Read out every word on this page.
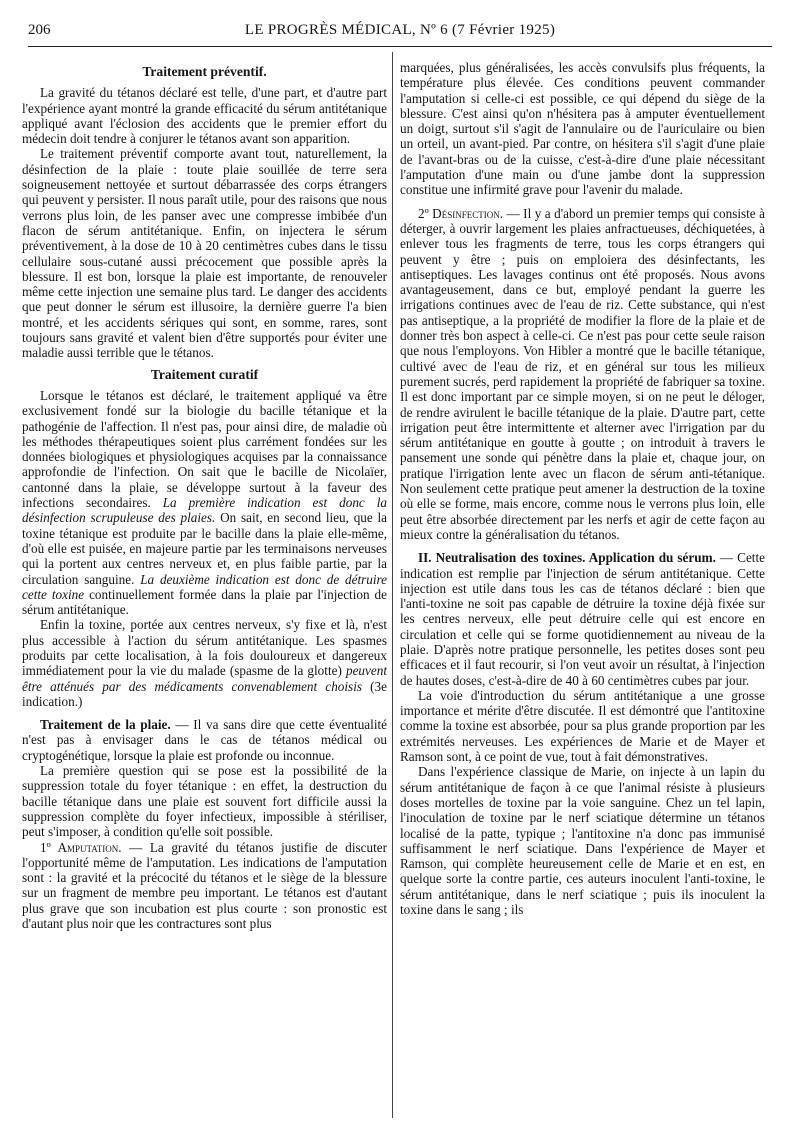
206	LE PROGRÈS MÉDICAL, Nº 6 (7 Février 1925)
Traitement préventif.

La gravité du tétanos déclaré est telle, d'une part, et d'autre part l'expérience ayant montré la grande efficacité du sérum antitétanique appliqué avant l'éclosion des accidents que le premier effort du médecin doit tendre à conjurer le tétanos avant son apparition.

Le traitement préventif comporte avant tout, naturellement, la désinfection de la plaie : toute plaie souillée de terre sera soigneusement nettoyée et surtout débarrassée des corps étrangers qui peuvent y persister. Il nous paraît utile, pour des raisons que nous verrons plus loin, de les panser avec une compresse imbibée d'un flacon de sérum antitétanique. Enfin, on injectera le sérum préventivement, à la dose de 10 à 20 centimètres cubes dans le tissu cellulaire sous-cutané aussi précocement que possible après la blessure. Il est bon, lorsque la plaie est importante, de renouveler même cette injection une semaine plus tard. Le danger des accidents que peut donner le sérum est illusoire, la dernière guerre l'a bien montré, et les accidents sériques qui sont, en somme, rares, sont toujours sans gravité et valent bien d'être supportés pour éviter une maladie aussi terrible que le tétanos.

Traitement curatif

Lorsque le tétanos est déclaré, le traitement appliqué va être exclusivement fondé sur la biologie du bacille tétanique et la pathogénie de l'affection. Il n'est pas, pour ainsi dire, de maladie où les méthodes thérapeutiques soient plus carrément fondées sur les données biologiques et physiologiques acquises par la connaissance approfondie de l'infection. On sait que le bacille de Nicolaïer, cantonné dans la plaie, se développe surtout à la faveur des infections secondaires. La première indication est donc la désinfection scrupuleuse des plaies. On sait, en second lieu, que la toxine tétanique est produite par le bacille dans la plaie elle-même, d'où elle est puisée, en majeure partie par les terminaisons nerveuses qui la portent aux centres nerveux et, en plus faible partie, par la circulation sanguine. La deuxième indication est donc de détruire cette toxine continuellement formée dans la plaie par l'injection de sérum antitétanique.

Enfin la toxine, portée aux centres nerveux, s'y fixe et là, n'est plus accessible à l'action du sérum antitétanique. Les spasmes produits par cette localisation, à la fois douloureux et dangereux immédiatement pour la vie du malade (spasme de la glotte) peuvent être atténués par des médicaments convenablement choisis (3e indication.)

Traitement de la plaie. — Il va sans dire que cette éventualité n'est pas à envisager dans le cas de tétanos médical ou cryptogénétique, lorsque la plaie est profonde ou inconnue.

La première question qui se pose est la possibilité de la suppression totale du foyer tétanique : en effet, la destruction du bacille tétanique dans une plaie est souvent fort difficile aussi la suppression complète du foyer infectieux, impossible à stériliser, peut s'imposer, à condition qu'elle soit possible.

1º Amputation. — La gravité du tétanos justifie de discuter l'opportunité même de l'amputation. Les indications de l'amputation sont : la gravité et la précocité du tétanos et le siège de la blessure sur un fragment de membre peu important. Le tétanos est d'autant plus grave que son incubation est plus courte : son pronostic est d'autant plus noir que les contractures sont plus

marquées, plus généralisées, les accès convulsifs plus fréquents, la température plus élevée. Ces conditions peuvent commander l'amputation si celle-ci est possible, ce qui dépend du siège de la blessure. C'est ainsi qu'on n'hésitera pas à amputer éventuellement un doigt, surtout s'il s'agit de l'annulaire ou de l'auriculaire ou bien un orteil, un avant-pied. Par contre, on hésitera s'il s'agit d'une plaie de l'avant-bras ou de la cuisse, c'est-à-dire d'une plaie nécessitant l'amputation d'une main ou d'une jambe dont la suppression constitue une infirmité grave pour l'avenir du malade.

2º Désinfection. — Il y a d'abord un premier temps qui consiste à déterger, à ouvrir largement les plaies anfractueuses, déchiquetées, à enlever tous les fragments de terre, tous les corps étrangers qui peuvent y être ; puis on emploiera des désinfectants, les antiseptiques. Les lavages continus ont été proposés. Nous avons avantageusement, dans ce but, employé pendant la guerre les irrigations continues avec de l'eau de riz. Cette substance, qui n'est pas antiseptique, a la propriété de modifier la flore de la plaie et de donner très bon aspect à celle-ci. Ce n'est pas pour cette seule raison que nous l'employons. Von Hibler a montré que le bacille tétanique, cultivé avec de l'eau de riz, et en général sur tous les milieux purement sucrés, perd rapidement la propriété de fabriquer sa toxine. Il est donc important par ce simple moyen, si on ne peut le déloger, de rendre avirulent le bacille tétanique de la plaie. D'autre part, cette irrigation peut être intermittente et alterner avec l'irrigation par du sérum antitétanique en goutte à goutte ; on introduit à travers le pansement une sonde qui pénètre dans la plaie et, chaque jour, on pratique l'irrigation lente avec un flacon de sérum anti-tétanique. Non seulement cette pratique peut amener la destruction de la toxine où elle se forme, mais encore, comme nous le verrons plus loin, elle peut être absorbée directement par les nerfs et agir de cette façon au mieux contre la généralisation du tétanos.

II. Neutralisation des toxines. Application du sérum. — Cette indication est remplie par l'injection de sérum antitétanique. Cette injection est utile dans tous les cas de tétanos déclaré : bien que l'anti-toxine ne soit pas capable de détruire la toxine déjà fixée sur les centres nerveux, elle peut détruire celle qui est encore en circulation et celle qui se forme quotidiennement au niveau de la plaie. D'après notre pratique personnelle, les petites doses sont peu efficaces et il faut recourir, si l'on veut avoir un résultat, à l'injection de hautes doses, c'est-à-dire de 40 à 60 centimètres cubes par jour.

La voie d'introduction du sérum antitétanique a une grosse importance et mérite d'être discutée. Il est démontré que l'antitoxine comme la toxine est absorbée, pour sa plus grande proportion par les extrémités nerveuses. Les expériences de Marie et de Mayer et Ramson sont, à ce point de vue, tout à fait démonstratives.

Dans l'expérience classique de Marie, on injecte à un lapin du sérum antitétanique de façon à ce que l'animal résiste à plusieurs doses mortelles de toxine par la voie sanguine. Chez un tel lapin, l'inoculation de toxine par le nerf sciatique détermine un tétanos localisé de la patte, typique ; l'antitoxine n'a donc pas immunisé suffisamment le nerf sciatique. Dans l'expérience de Mayer et Ramson, qui complète heureusement celle de Marie et en est, en quelque sorte la contre partie, ces auteurs inoculent l'anti-toxine, le sérum antitétanique, dans le nerf sciatique ; puis ils inoculent la toxine dans le sang ; ils
